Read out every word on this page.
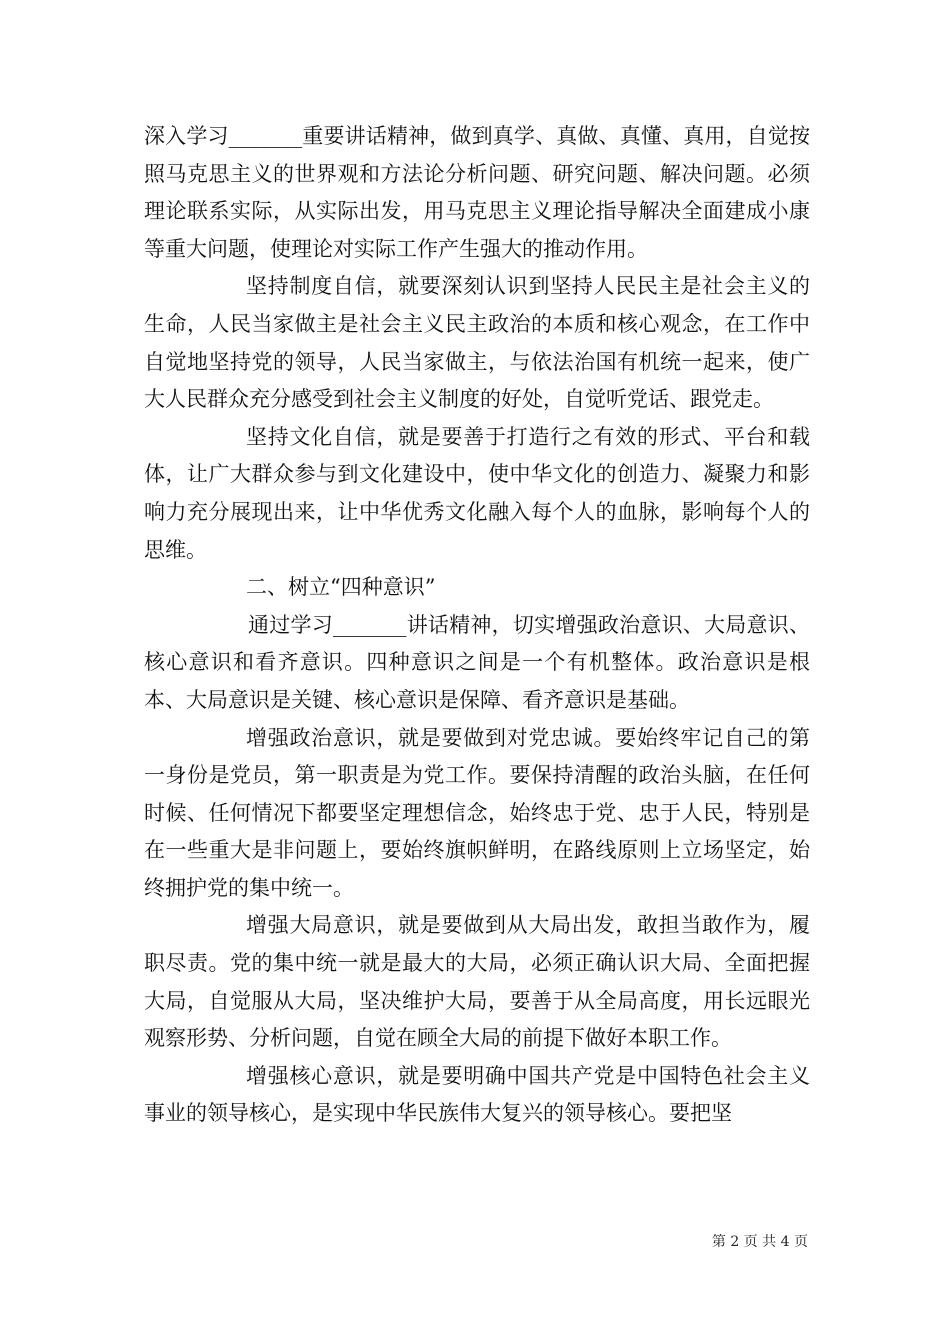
深入学习_______重要讲话精神，做到真学、真做、真懂、真用，自觉按照马克思主义的世界观和方法论分析问题、研究问题、解决问题。必须理论联系实际，从实际出发，用马克思主义理论指导解决全面建成小康等重大问题，使理论对实际工作产生强大的推动作用。

坚持制度自信，就要深刻认识到坚持人民民主是社会主义的生命，人民当家做主是社会主义民主政治的本质和核心观念，在工作中自觉地坚持党的领导，人民当家做主，与依法治国有机统一起来，使广大人民群众充分感受到社会主义制度的好处，自觉听党话、跟党走。

坚持文化自信，就是要善于打造行之有效的形式、平台和载体，让广大群众参与到文化建设中，使中华文化的创造力、凝聚力和影响力充分展现出来，让中华优秀文化融入每个人的血脉，影响每个人的思维。

二、树立“四种意识”

通过学习_______讲话精神，切实增强政治意识、大局意识、核心意识和看齐意识。四种意识之间是一个有机整体。政治意识是根本、大局意识是关键、核心意识是保障、看齐意识是基础。

增强政治意识，就是要做到对党忠诚。要始终牢记自己的第一身份是党员，第一职责是为党工作。要保持清醒的政治头脑，在任何时候、任何情况下都要坚定理想信念，始终忠于党、忠于人民，特别是在一些重大是非问题上，要始终旗帜鲜明，在路线原则上立场坚定，始终拥护党的集中统一。

增强大局意识，就是要做到从大局出发，敢担当敢作为，履职尽责。党的集中统一就是最大的大局，必须正确认识大局、全面把握大局，自觉服从大局，坚决维护大局，要善于从全局高度，用长远眼光观察形势、分析问题，自觉在顾全大局的前提下做好本职工作。

增强核心意识，就是要明确中国共产党是中国特色社会主义事业的领导核心，是实现中华民族伟大复兴的领导核心。要把坚

第 2 页 共 4 页
